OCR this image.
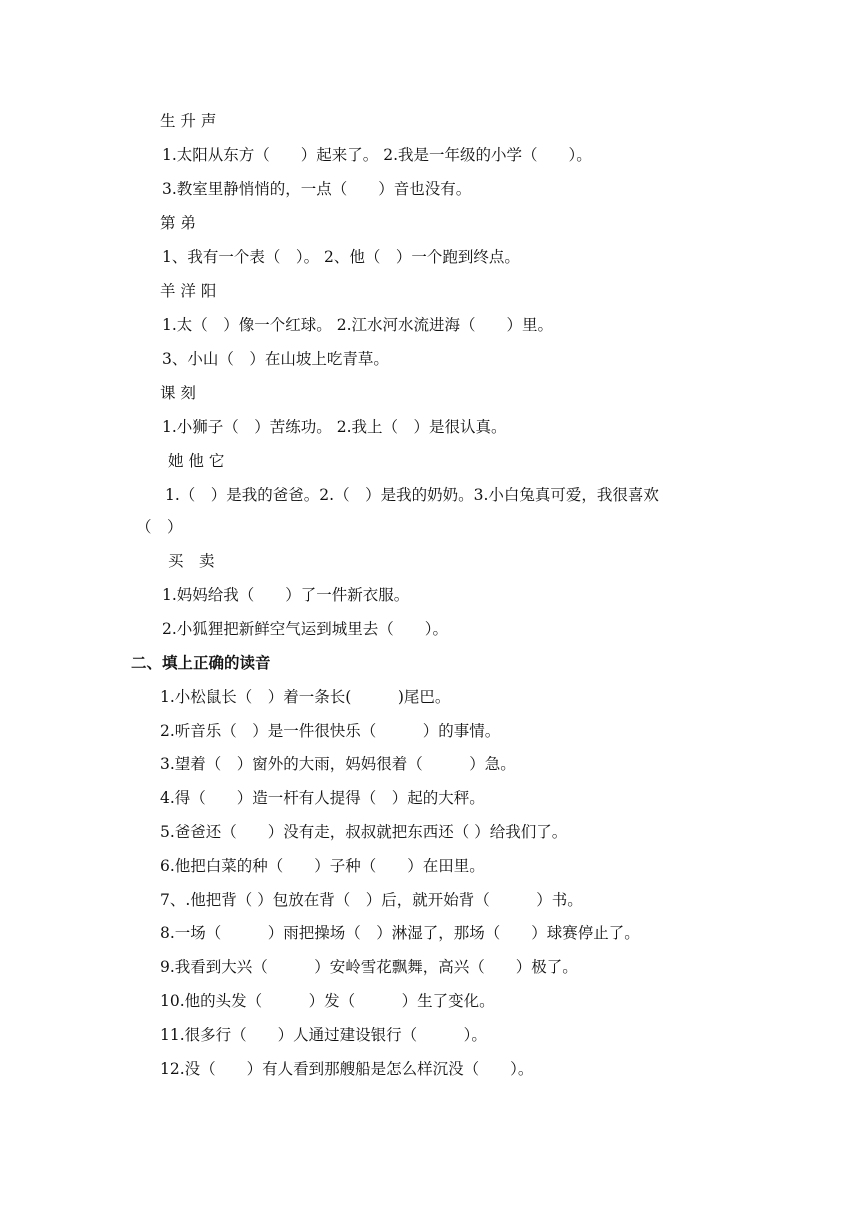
生 升 声
1.太阳从东方（　　）起来了。 2.我是一年级的小学（　　）。
3.教室里静悄悄的，一点（　　）音也没有。
第 弟
1、我有一个表（　）。 2、他（　）一个跑到终点。
羊 洋 阳
1.太（　）像一个红球。 2.江水河水流进海（　　）里。
3、小山（　）在山坡上吃青草。
课 刻
1.小狮子（　）苦练功。 2.我上（　）是很认真。
她 他 它
1.（　）是我的爸爸。2.（　）是我的奶奶。3.小白兔真可爱，我很喜欢
（　）
买　卖
1.妈妈给我（　　）了一件新衣服。
2.小狐狸把新鲜空气运到城里去（　　）。
二、填上正确的读音
1.小松鼠长（　）着一条长(　　　)尾巴。
2.听音乐（　）是一件很快乐（　　　）的事情。
3.望着（　）窗外的大雨，妈妈很着（　　　）急。
4.得（　　）造一杆有人提得（　）起的大秤。
5.爸爸还（　　）没有走，叔叔就把东西还（ ）给我们了。
6.他把白菜的种（　　）子种（　　）在田里。
7、.他把背（ ）包放在背（　）后，就开始背（　　　）书。
8.一场（　　　）雨把操场（　）淋湿了，那场（　　）球赛停止了。
9.我看到大兴（　　　）安岭雪花飘舞，高兴（　　）极了。
10.他的头发（　　　）发（　　　）生了变化。
11.很多行（　　）人通过建设银行（　　　）。
12.没（　　）有人看到那艘船是怎么样沉没（　　）。
